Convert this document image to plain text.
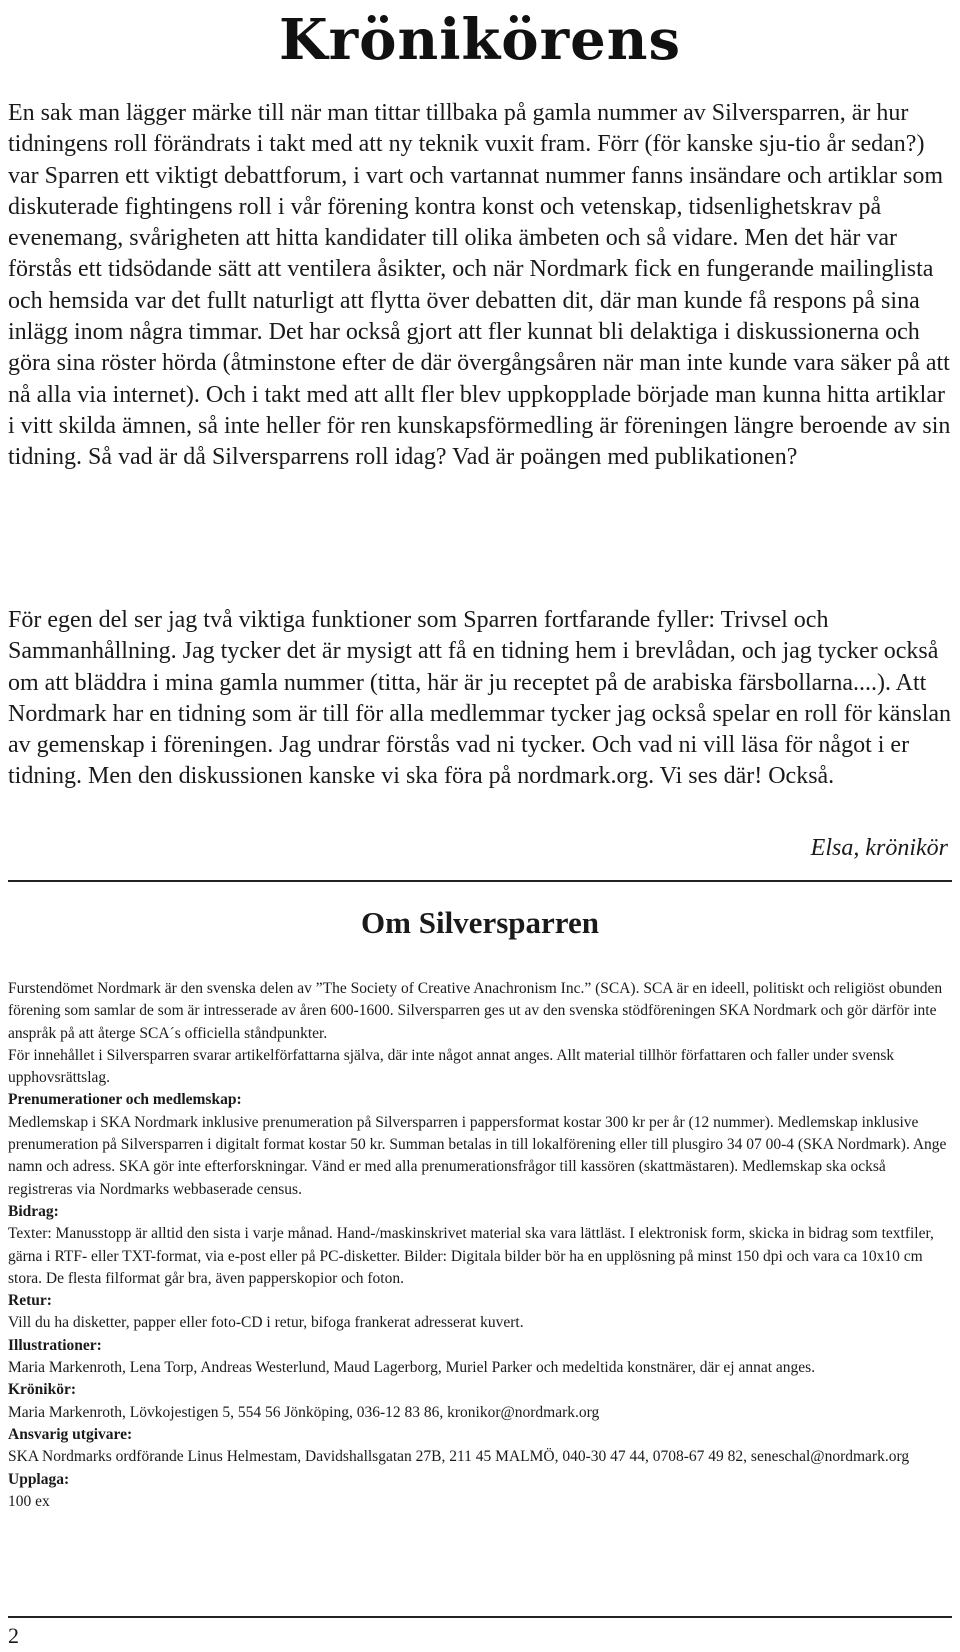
Krönikörens

En sak man lägger märke till när man tittar tillbaka på gamla nummer av Silversparren, är hur tidningens roll förändrats i takt med att ny teknik vuxit fram. Förr (för kanske sju-tio år sedan?) var Sparren ett viktigt debattforum, i vart och vartannat nummer fanns insändare och artiklar som diskuterade fightingens roll i vår förening kontra konst och vetenskap, tidsenlighetskrav på evenemang, svårigheten att hitta kandidater till olika ämbeten och så vidare. Men det här var förstås ett tidsödande sätt att ventilera åsikter, och när Nordmark fick en fungerande mailinglista och hemsida var det fullt naturligt att flytta över debatten dit, där man kunde få respons på sina inlägg inom några timmar. Det har också gjort att fler kunnat bli delaktiga i diskussionerna och göra sina röster hörda (åtminstone efter de där övergångsåren när man inte kunde vara säker på att nå alla via internet). Och i takt med att allt fler blev uppkopplade började man kunna hitta artiklar i vitt skilda ämnen, så inte heller för ren kunskapsförmedling är föreningen längre beroende av sin tidning. Så vad är då Silversparrens roll idag? Vad är poängen med publikationen?

För egen del ser jag två viktiga funktioner som Sparren fortfarande fyller: Trivsel och Sammanhållning. Jag tycker det är mysigt att få en tidning hem i brevlådan, och jag tycker också om att bläddra i mina gamla nummer (titta, här är ju receptet på de arabiska färsbollarna....). Att Nordmark har en tidning som är till för alla medlemmar tycker jag också spelar en roll för känslan av gemenskap i föreningen. Jag undrar förstås vad ni tycker. Och vad ni vill läsa för något i er tidning. Men den diskussionen kanske vi ska föra på nordmark.org. Vi ses där! Också.

Elsa, krönikör
Om Silversparren

Furstendömet Nordmark är den svenska delen av ”The Society of Creative Anachronism Inc.” (SCA). SCA är en ideell, politiskt och religiöst obunden förening som samlar de som är intresserade av åren 600-1600. Silversparren ges ut av den svenska stödföreningen SKA Nordmark och gör därför inte anspråk på att återge SCA´s officiella ståndpunkter.

För innehållet i Silversparren svarar artikelförfattarna själva, där inte något annat anges. Allt material tillhör författaren och faller under svensk upphovsrättslag.

Prenumerationer och medlemskap:

Medlemskap i SKA Nordmark inklusive prenumeration på Silversparren i pappersformat kostar 300 kr per år (12 nummer). Medlemskap inklusive prenumeration på Silversparren i digitalt format kostar 50 kr. Summan betalas in till lokalförening eller till plusgiro 34 07 00-4 (SKA Nordmark). Ange namn och adress. SKA gör inte efterforskningar. Vänd er med alla prenumerationsfrågor till kassören (skattmästaren). Medlemskap ska också registreras via Nordmarks webbaserade census.

Bidrag:

Texter: Manusstopp är alltid den sista i varje månad. Hand-/maskinskrivet material ska vara lättläst. I elektronisk form, skicka in bidrag som textfiler, gärna i RTF- eller TXT-format, via e-post eller på PC-disketter. Bilder: Digitala bilder bör ha en upplösning på minst 150 dpi och vara ca 10x10 cm stora. De flesta filformat går bra, även papperskopior och foton.

Retur:

Vill du ha disketter, papper eller foto-CD i retur, bifoga frankerat adresserat kuvert.

Illustrationer:

Maria Markenroth, Lena Torp, Andreas Westerlund, Maud Lagerborg, Muriel Parker och medeltida konstnärer, där ej annat anges.

Krönikör:

Maria Markenroth, Lövkojestigen 5, 554 56 Jönköping, 036-12 83 86, kronikor@nordmark.org

Ansvarig utgivare:

SKA Nordmarks ordförande Linus Helmestam, Davidshallsgatan 27B, 211 45 MALMÖ, 040-30 47 44, 0708-67 49 82, seneschal@nordmark.org

Upplaga:

100 ex

2
